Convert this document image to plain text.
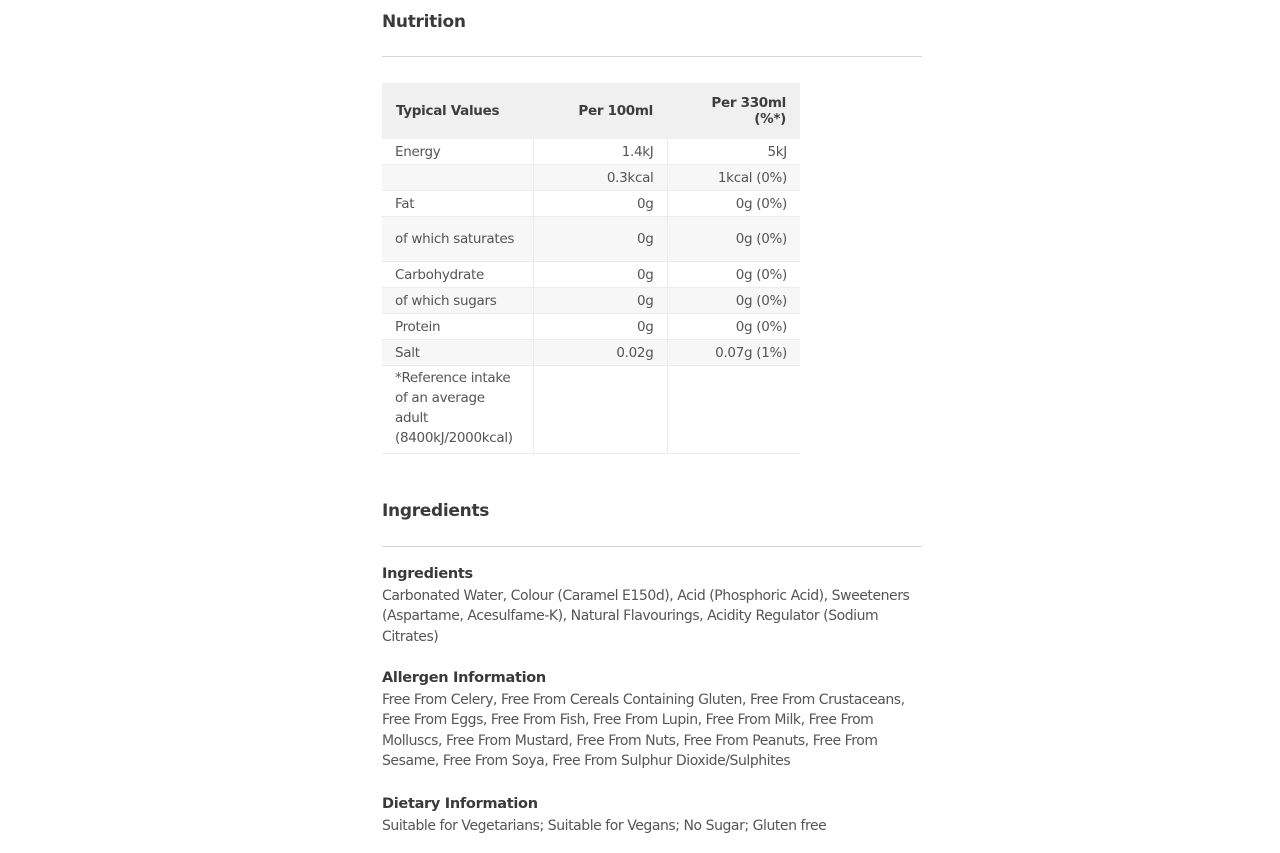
Nutrition
Typical Values	Per 100ml	Per 330ml (%*)
Energy	1.4kJ	5kJ
	0.3kcal	1kcal (0%)
Fat	0g	0g (0%)
of which saturates	0g	0g (0%)
Carbohydrate	0g	0g (0%)
of which sugars	0g	0g (0%)
Protein	0g	0g (0%)
Salt	0.02g	0.07g (1%)
*Reference intake of an average adult (8400kJ/2000kcal)		
Ingredients
Ingredients

Carbonated Water, Colour (Caramel E150d), Acid (Phosphoric Acid), Sweeteners (Aspartame, Acesulfame-K), Natural Flavourings, Acidity Regulator (Sodium Citrates)

Allergen Information

Free From Celery, Free From Cereals Containing Gluten, Free From Crustaceans, Free From Eggs, Free From Fish, Free From Lupin, Free From Milk, Free From Molluscs, Free From Mustard, Free From Nuts, Free From Peanuts, Free From Sesame, Free From Soya, Free From Sulphur Dioxide/Sulphites

Dietary Information

Suitable for Vegetarians; Suitable for Vegans; No Sugar; Gluten free
